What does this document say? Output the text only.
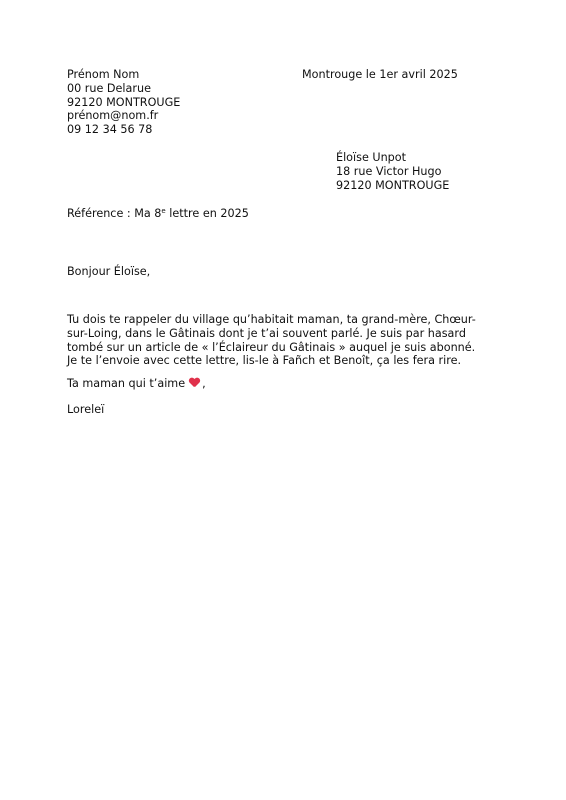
Prénom Nom
00 rue Delarue
92120 MONTROUGE
prénom@nom.fr
09 12 34 56 78
Montrouge le 1er avril 2025
Éloïse Unpot
18 rue Victor Hugo
92120 MONTROUGE
Référence : Ma 8e lettre en 2025
Bonjour Éloïse,
Tu dois te rappeler du village qu’habitait maman, ta grand-mère, Chœur-
sur-Loing, dans le Gâtinais dont je t’ai souvent parlé. Je suis par hasard
tombé sur un article de « l’Éclaireur du Gâtinais » auquel je suis abonné.
Je te l’envoie avec cette lettre, lis-le à Fañch et Benoît, ça les fera rire.
Ta maman qui t’aime ,
Loreleï
